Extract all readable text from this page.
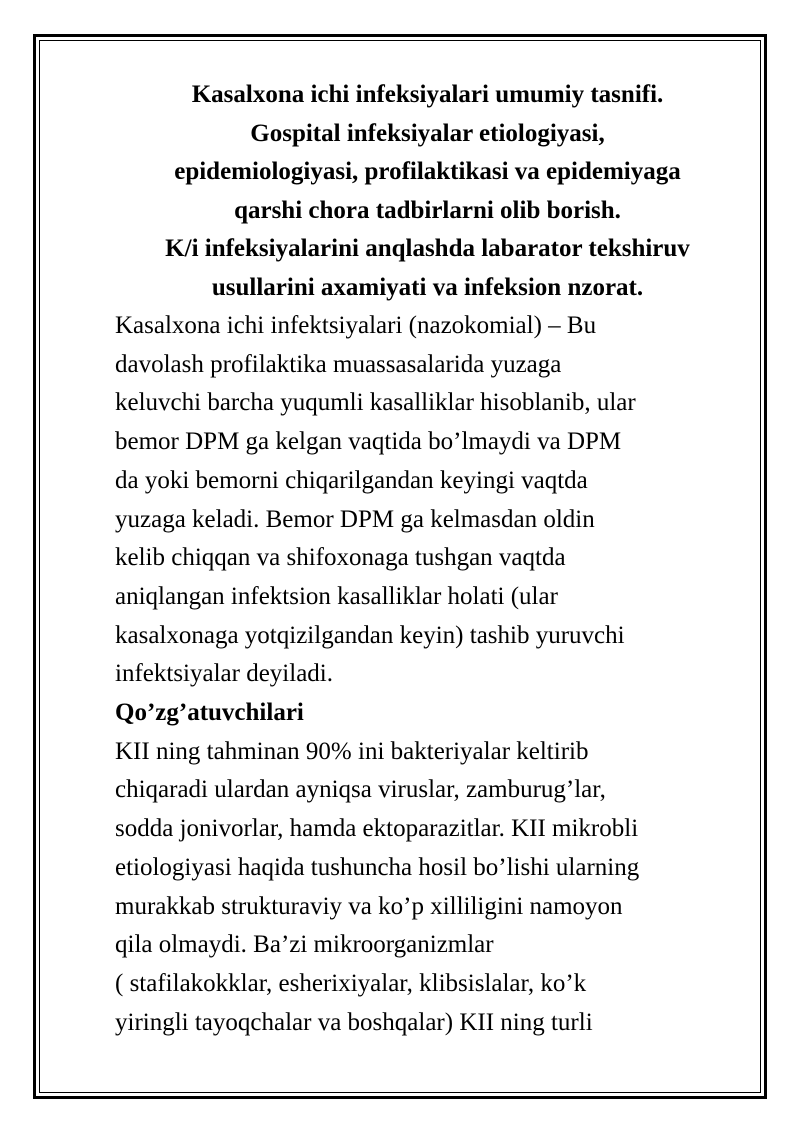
Kasalxona ichi infeksiyalari umumiy tasnifi.
Gospital infeksiyalar etiologiyasi,
epidemiologiyasi, profilaktikasi va epidemiyaga
qarshi chora tadbirlarni olib borish.
K/i infeksiyalarini anqlashda labarator tekshiruv
usullarini axamiyati va infeksion nzorat.
Kasalxona ichi infektsiyalari (nazokomial) – Bu
davolash profilaktika muassasalarida yuzaga
keluvchi barcha yuqumli kasalliklar hisoblanib, ular
bemor DPM ga kelgan vaqtida bo’lmaydi va DPM
da yoki bemorni chiqarilgandan keyingi vaqtda
yuzaga keladi. Bemor DPM ga kelmasdan oldin
kelib chiqqan va shifoxonaga tushgan vaqtda
aniqlangan infektsion kasalliklar holati (ular
kasalxonaga yotqizilgandan keyin) tashib yuruvchi
infektsiyalar deyiladi.
Qo’zg’atuvchilari
KII ning tahminan 90% ini bakteriyalar keltirib
chiqaradi ulardan ayniqsa viruslar, zamburug’lar,
sodda jonivorlar, hamda ektoparazitlar. KII mikrobli
etiologiyasi haqida tushuncha hosil bo’lishi ularning
murakkab strukturaviy va ko’p xilliligini namoyon
qila olmaydi. Ba’zi mikroorganizmlar
( stafilakokklar, esherixiyalar, klibsislalar, ko’k
yiringli tayoqchalar va boshqalar) KII ning turli
